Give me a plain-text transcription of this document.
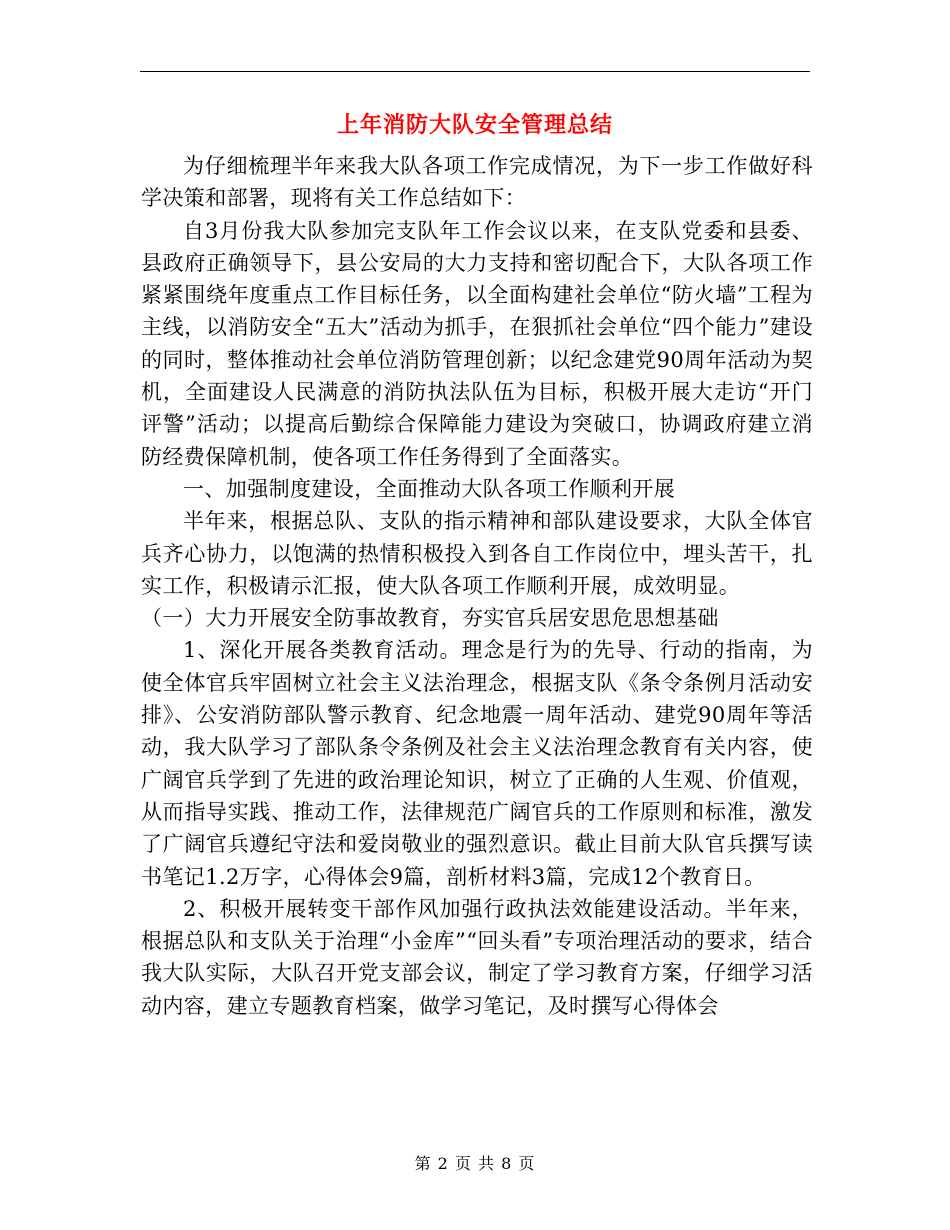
上年消防大队安全管理总结

为仔细梳理半年来我大队各项工作完成情况，为下一步工作做好科学决策和部署，现将有关工作总结如下：

自3月份我大队参加完支队年工作会议以来，在支队党委和县委、县政府正确领导下，县公安局的大力支持和密切配合下，大队各项工作紧紧围绕年度重点工作目标任务，以全面构建社会单位“防火墙”工程为主线，以消防安全“五大”活动为抓手，在狠抓社会单位“四个能力”建设的同时，整体推动社会单位消防管理创新；以纪念建党90周年活动为契机，全面建设人民满意的消防执法队伍为目标，积极开展大走访“开门评警”活动；以提高后勤综合保障能力建设为突破口，协调政府建立消防经费保障机制，使各项工作任务得到了全面落实。

一、加强制度建设，全面推动大队各项工作顺利开展

半年来，根据总队、支队的指示精神和部队建设要求，大队全体官兵齐心协力，以饱满的热情积极投入到各自工作岗位中，埋头苦干，扎实工作，积极请示汇报，使大队各项工作顺利开展，成效明显。

（一）大力开展安全防事故教育，夯实官兵居安思危思想基础

1、深化开展各类教育活动。理念是行为的先导、行动的指南，为使全体官兵牢固树立社会主义法治理念，根据支队《条令条例月活动安排》、公安消防部队警示教育、纪念地震一周年活动、建党90周年等活动，我大队学习了部队条令条例及社会主义法治理念教育有关内容，使广阔官兵学到了先进的政治理论知识，树立了正确的人生观、价值观，从而指导实践、推动工作，法律规范广阔官兵的工作原则和标准，激发了广阔官兵遵纪守法和爱岗敬业的强烈意识。截止目前大队官兵撰写读书笔记1.2万字，心得体会9篇，剖析材料3篇，完成12个教育日。

2、积极开展转变干部作风加强行政执法效能建设活动。半年来，根据总队和支队关于治理“小金库”“回头看”专项治理活动的要求，结合我大队实际，大队召开党支部会议，制定了学习教育方案，仔细学习活动内容，建立专题教育档案，做学习笔记，及时撰写心得体会

第 2 页 共 8 页
